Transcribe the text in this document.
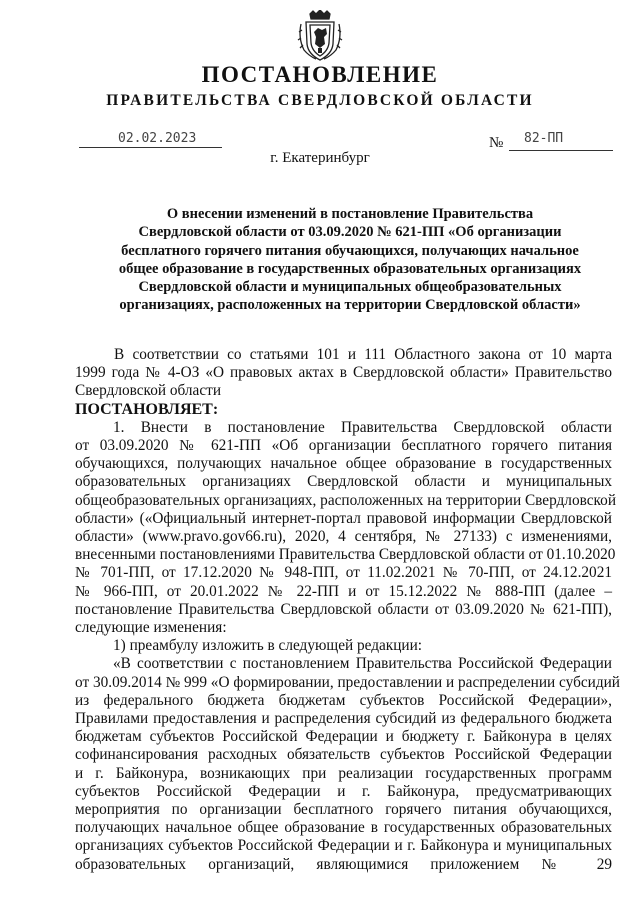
ПОСТАНОВЛЕНИЕ
ПРАВИТЕЛЬСТВА СВЕРДЛОВСКОЙ ОБЛАСТИ
02.02.2023	№ 82-ПП
г. Екатеринбург
О внесении изменений в постановление Правительства
Свердловской области от 03.09.2020 № 621-ПП «Об организации
бесплатного горячего питания обучающихся, получающих начальное
общее образование в государственных образовательных организациях
Свердловской области и муниципальных общеобразовательных
организациях, расположенных на территории Свердловской области»
В соответствии со статьями 101 и 111 Областного закона от 10 марта
1999 года № 4-ОЗ «О правовых актах в Свердловской области» Правительство
Свердловской области
ПОСТАНОВЛЯЕТ:
1. Внести в постановление Правительства Свердловской области
от 03.09.2020 № 621-ПП «Об организации бесплатного горячего питания
обучающихся, получающих начальное общее образование в государственных
образовательных организациях Свердловской области и муниципальных
общеобразовательных организациях, расположенных на территории Свердловской
области» («Официальный интернет-портал правовой информации Свердловской
области» (www.pravo.gov66.ru), 2020, 4 сентября, № 27133) с изменениями,
внесенными постановлениями Правительства Свердловской области от 01.10.2020
№ 701-ПП, от 17.12.2020 № 948-ПП, от 11.02.2021 № 70-ПП, от 24.12.2021
№ 966-ПП, от 20.01.2022 № 22-ПП и от 15.12.2022 № 888-ПП (далее –
постановление Правительства Свердловской области от 03.09.2020 № 621-ПП),
следующие изменения:
1) преамбулу изложить в следующей редакции:
«В соответствии с постановлением Правительства Российской Федерации
от 30.09.2014 № 999 «О формировании, предоставлении и распределении субсидий
из федерального бюджета бюджетам субъектов Российской Федерации»,
Правилами предоставления и распределения субсидий из федерального бюджета
бюджетам субъектов Российской Федерации и бюджету г. Байконура в целях
софинансирования расходных обязательств субъектов Российской Федерации
и г. Байконура, возникающих при реализации государственных программ
субъектов Российской Федерации и г. Байконура, предусматривающих
мероприятия по организации бесплатного горячего питания обучающихся,
получающих начальное общее образование в государственных образовательных
организациях субъектов Российской Федерации и г. Байконура и муниципальных
образовательных организаций, являющимися приложением № 29
